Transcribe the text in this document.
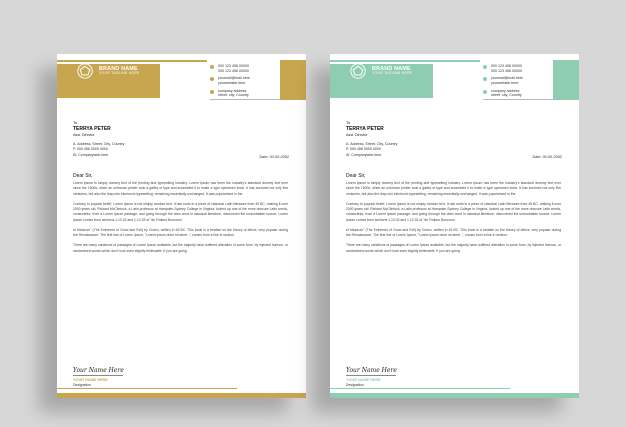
BRAND NAME
YOUR TAGLINE HERE
000 123 456 00000
000 123 456 00000
yourmail@mail.here
yourwebsite.here
company address
street, city, Country
To
TERRYA PETER
Asst. Director
A. Address, Street, City, Country
P. 000 456 0000 0000
W. Companyweb.here
Date: 00-00-2052
Dear Sir,
Lorem ipsum is simply dummy text of the printing and typesetting industry. Lorem Ipsum has been the industry's standard dummy text ever since the 1500s, when an unknown printer took a galley of type and scrambled it to make a type specimen book. It has survived not only five centuries, but also the leap into electronic typesetting, remaining essentially unchanged. It was popularised in the
Contrary to popular belief, Lorem Ipsum is not simply random text. It has roots in a piece of classical Latin literature from 45 BC, making it over 2000 years old. Richard McClintock, a Latin professor at Hampden-Sydney College in Virginia, looked up one of the more obscure Latin words, consectetur, from a Lorem Ipsum passage, and going through the cites word in classical literature, discovered the undoubtable source. Lorem Ipsum comes from sections 1.10.32 and 1.10.33 of "de Finibus Bonorum
et Malorum" (The Extremes of Good and Evil) by Cicero, written in 45 BC. This book is a treatise on the theory of ethics, very popular during the Renaissance. The first line of Lorem Ipsum, "Lorem ipsum dolor sit amet..", comes from a line in section.
There are many variations of passages of Lorem Ipsum available, but the majority have suffered alteration in some form, by injected humour, or randomised words which don't look even slightly believable. If you are going
Your Name Here
YOUR NAME HERE
Designation
BRAND NAME
YOUR TAGLINE HERE
000 123 456 00000
000 123 456 00000
yourmail@mail.here
yourwebsite.here
company address
street, city, Country
To
TERRYA PETER
Asst. Director
A. Address, Street, City, Country
P. 000 456 0000 0000
W. Companyweb.here
Date: 00-00-2052
Dear Sir,
Lorem ipsum is simply dummy text of the printing and typesetting industry. Lorem Ipsum has been the industry's standard dummy text ever since the 1500s, when an unknown printer took a galley of type and scrambled it to make a type specimen book. It has survived not only five centuries, but also the leap into electronic typesetting, remaining essentially unchanged. It was popularised in the
Contrary to popular belief, Lorem Ipsum is not simply random text. It has roots in a piece of classical Latin literature from 45 BC, making it over 2000 years old. Richard McClintock, a Latin professor at Hampden-Sydney College in Virginia, looked up one of the more obscure Latin words, consectetur, from a Lorem Ipsum passage, and going through the cites word in classical literature, discovered the undoubtable source. Lorem Ipsum comes from sections 1.10.32 and 1.10.33 of "de Finibus Bonorum
et Malorum" (The Extremes of Good and Evil) by Cicero, written in 45 BC. This book is a treatise on the theory of ethics, very popular during the Renaissance. The first line of Lorem Ipsum, "Lorem ipsum dolor sit amet..", comes from a line in section.
There are many variations of passages of Lorem Ipsum available, but the majority have suffered alteration in some form, by injected humour, or randomised words which don't look even slightly believable. If you are going
Your Name Here
YOUR NAME HERE
Designation
